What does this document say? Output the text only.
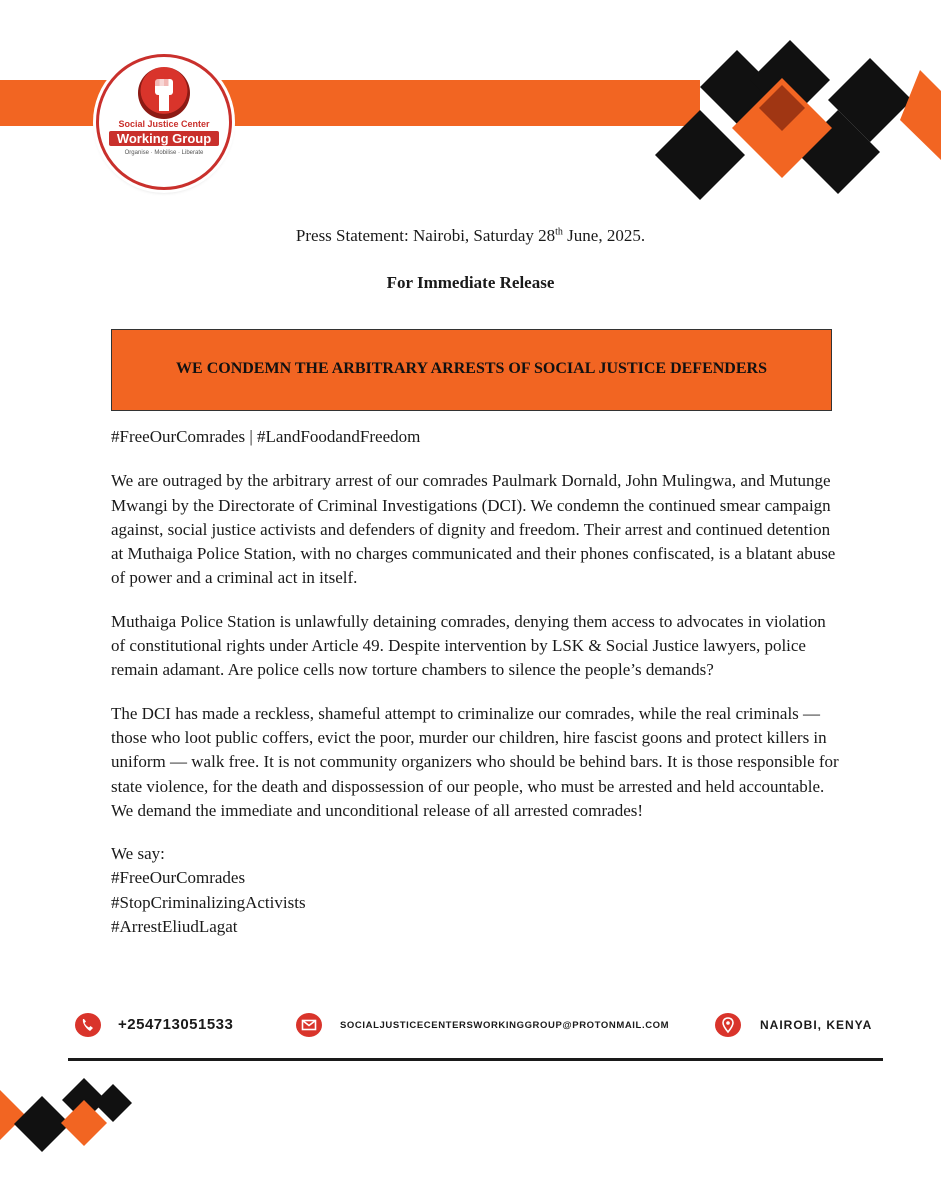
Social Justice Center
Working Group
Organise · Mobilise · Liberate
Press Statement: Nairobi, Saturday 28th June, 2025.
For Immediate Release
WE CONDEMN THE ARBITRARY ARRESTS OF SOCIAL JUSTICE DEFENDERS

#FreeOurComrades | #LandFoodandFreedom

We are outraged by the arbitrary arrest of our comrades Paulmark Dornald, John Mulingwa, and Mutunge Mwangi by the Directorate of Criminal Investigations (DCI). We condemn the continued smear campaign against, social justice activists and defenders of dignity and freedom. Their arrest and continued detention at Muthaiga Police Station, with no charges communicated and their phones confiscated, is a blatant abuse of power and a criminal act in itself.

Muthaiga Police Station is unlawfully detaining comrades, denying them access to advocates in violation of constitutional rights under Article 49. Despite intervention by LSK & Social Justice lawyers, police remain adamant. Are police cells now torture chambers to silence the people’s demands?

The DCI has made a reckless, shameful attempt to criminalize our comrades, while the real criminals — those who loot public coffers, evict the poor, murder our children, hire fascist goons and protect killers in uniform — walk free. It is not community organizers who should be behind bars. It is those responsible for state violence, for the death and dispossession of our people, who must be arrested and held accountable. We demand the immediate and unconditional release of all arrested comrades!

We say:

#FreeOurComrades

#StopCriminalizingActivists

#ArrestEliudLagat

+254713051533	SOCIALJUSTICECENTERSWORKINGGROUP@PROTONMAIL.COM	NAIROBI, KENYA
